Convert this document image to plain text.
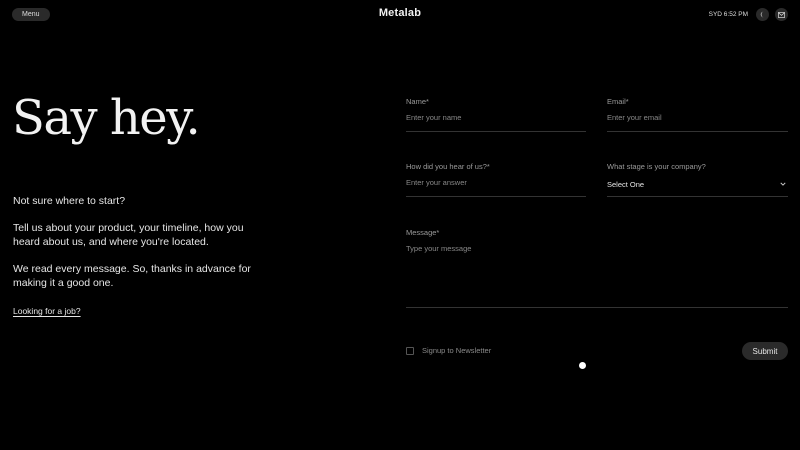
Menu	Metalab	SYD 6:52 PM
Say hey.

Not sure where to start?

Tell us about your product, your timeline, how you heard about us, and where you're located.

We read every message. So, thanks in advance for making it a good one.

Looking for a job?
Name*
Enter your name
Email*
Enter your email
How did you hear of us?*
Enter your answer
What stage is your company?
Select One
Message*
Type your message
Signup to Newsletter	Submit
